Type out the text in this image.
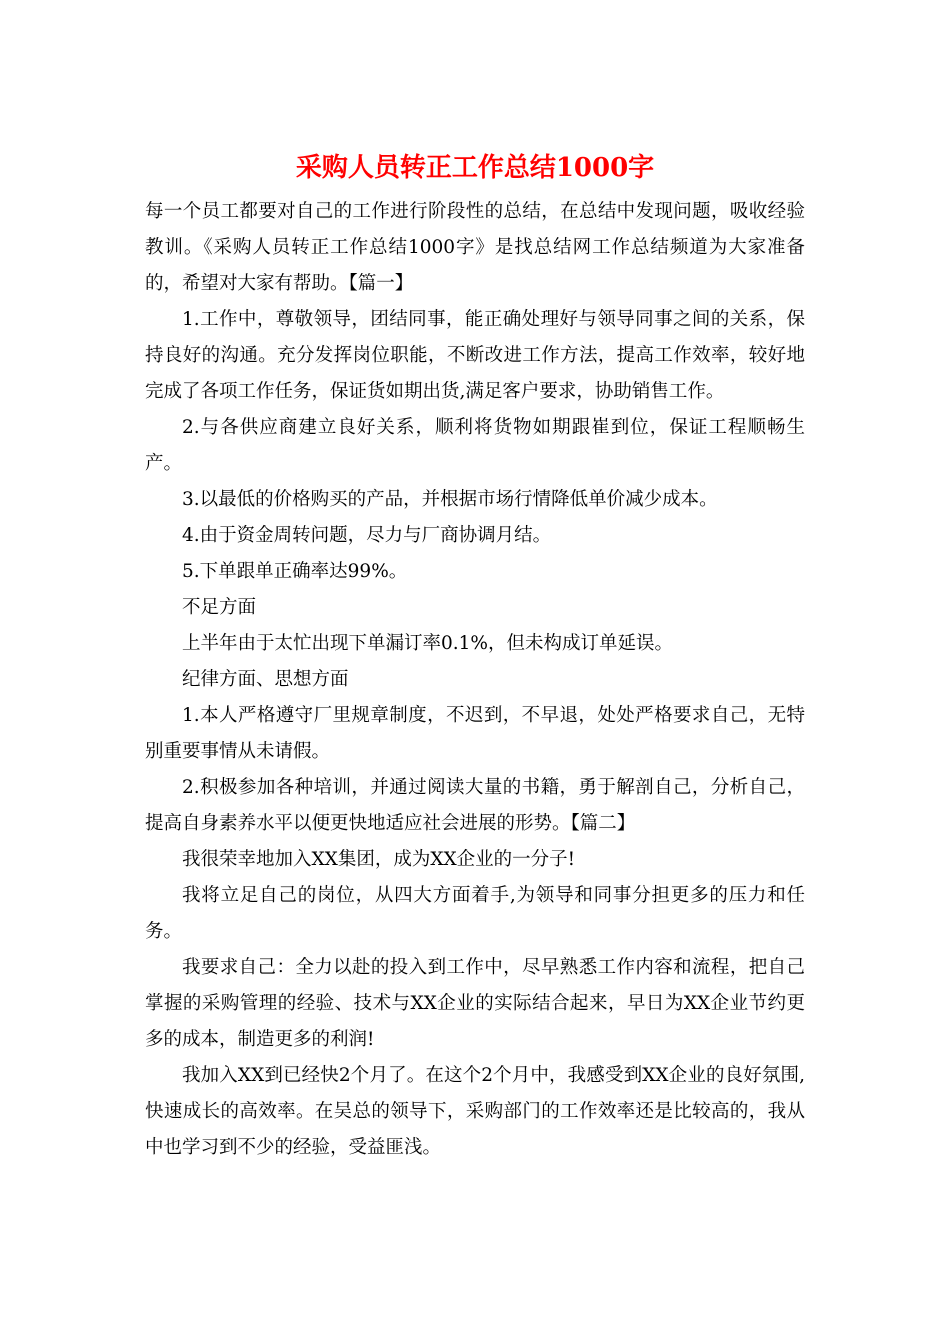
采购人员转正工作总结1000字

每一个员工都要对自己的工作进行阶段性的总结，在总结中发现问题，吸收经验教训。《采购人员转正工作总结1000字》是找总结网工作总结频道为大家准备的，希望对大家有帮助。【篇一】

1.工作中，尊敬领导，团结同事，能正确处理好与领导同事之间的关系，保持良好的沟通。充分发挥岗位职能，不断改进工作方法，提高工作效率，较好地完成了各项工作任务，保证货如期出货,满足客户要求，协助销售工作。

2.与各供应商建立良好关系，顺利将货物如期跟崔到位，保证工程顺畅生产。

3.以最低的价格购买的产品，并根据市场行情降低单价减少成本。

4.由于资金周转问题，尽力与厂商协调月结。

5.下单跟单正确率达99%。

不足方面

上半年由于太忙出现下单漏订率0.1%，但未构成订单延误。

纪律方面、思想方面

1.本人严格遵守厂里规章制度，不迟到，不早退，处处严格要求自己，无特别重要事情从未请假。

2.积极参加各种培训，并通过阅读大量的书籍，勇于解剖自己，分析自己，提高自身素养水平以便更快地适应社会进展的形势。【篇二】

我很荣幸地加入XX集团，成为XX企业的一分子!

我将立足自己的岗位，从四大方面着手,为领导和同事分担更多的压力和任务。

我要求自己：全力以赴的投入到工作中，尽早熟悉工作内容和流程，把自己掌握的采购管理的经验、技术与XX企业的实际结合起来，早日为XX企业节约更多的成本，制造更多的利润!

我加入XX到已经快2个月了。在这个2个月中，我感受到XX企业的良好氛围,快速成长的高效率。在吴总的领导下，采购部门的工作效率还是比较高的，我从中也学习到不少的经验，受益匪浅。
